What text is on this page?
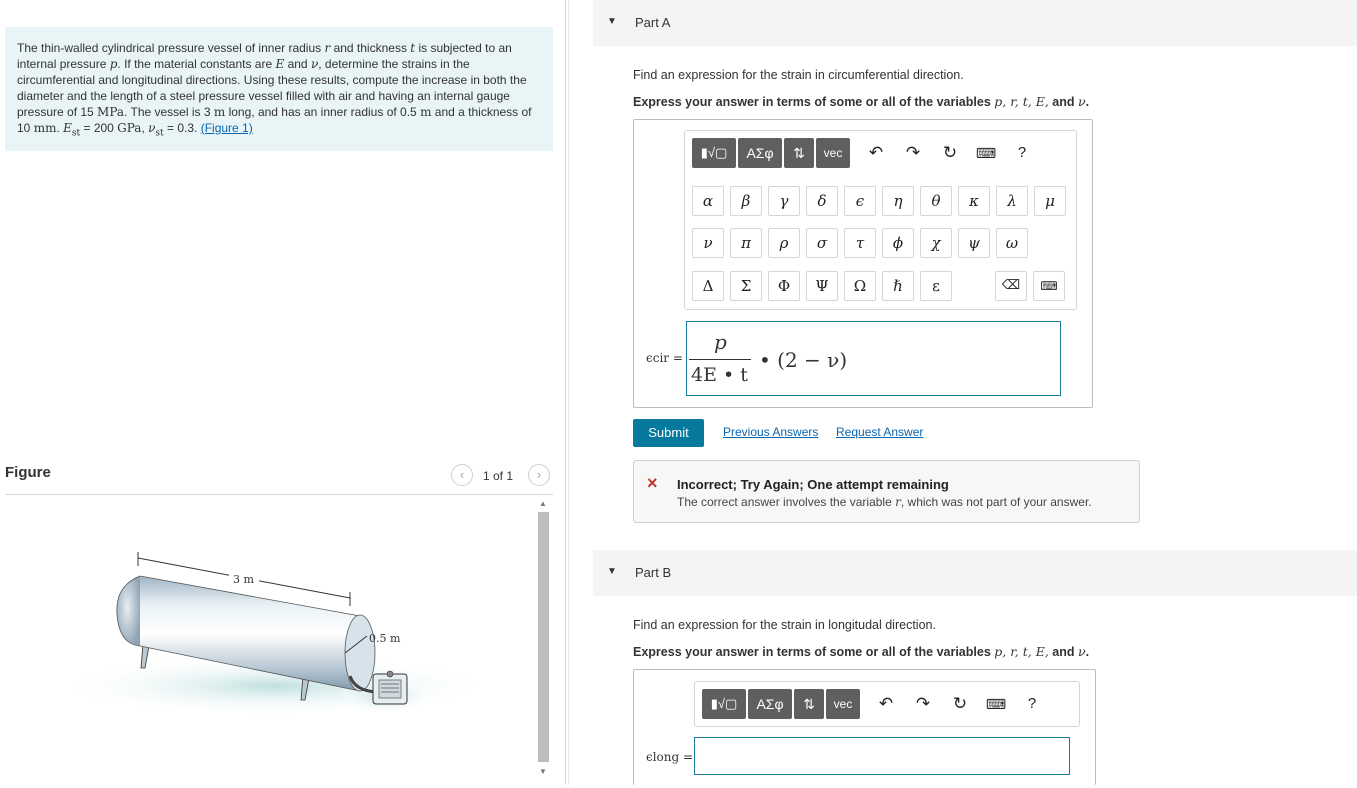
The thin-walled cylindrical pressure vessel of inner radius r and thickness t is subjected to an internal pressure p. If the material constants are E and ν, determine the strains in the circumferential and longitudinal directions. Using these results, compute the increase in both the diameter and the length of a steel pressure vessel filled with air and having an internal gauge pressure of 15 MPa. The vessel is 3 m long, and has an inner radius of 0.5 m and a thickness of 10 mm. $E_{st} = 200$ GPa, $\nu_{st} = 0.3$. (Figure 1)
Figure	‹	1 of 1	›
3 m
0.5 m
▲
▼
▼ Part A
Find an expression for the strain in circumferential direction.
Express your answer in terms of some or all of the variables p, r, t, E, and ν.
▮√▢	ΑΣφ	⇅	vec	↶	↷	↻	⌨	?
α	β	γ	δ	ϵ	η	θ	κ	λ	μ
ν	π	ρ	σ	τ	ϕ	χ	ψ	ω
Δ	Σ	Φ	Ψ	Ω	ℏ	ε	⌫	⌨
ϵcir =
p
4E • t
• (2 − ν)
Submit	Previous Answers Request Answer
× Incorrect; Try Again; One attempt remaining
The correct answer involves the variable r, which was not part of your answer.
▼ Part B
Find an expression for the strain in longitudal direction.
Express your answer in terms of some or all of the variables p, r, t, E, and ν.
▮√▢	ΑΣφ	⇅	vec	↶	↷	↻	⌨	?
ϵlong =
